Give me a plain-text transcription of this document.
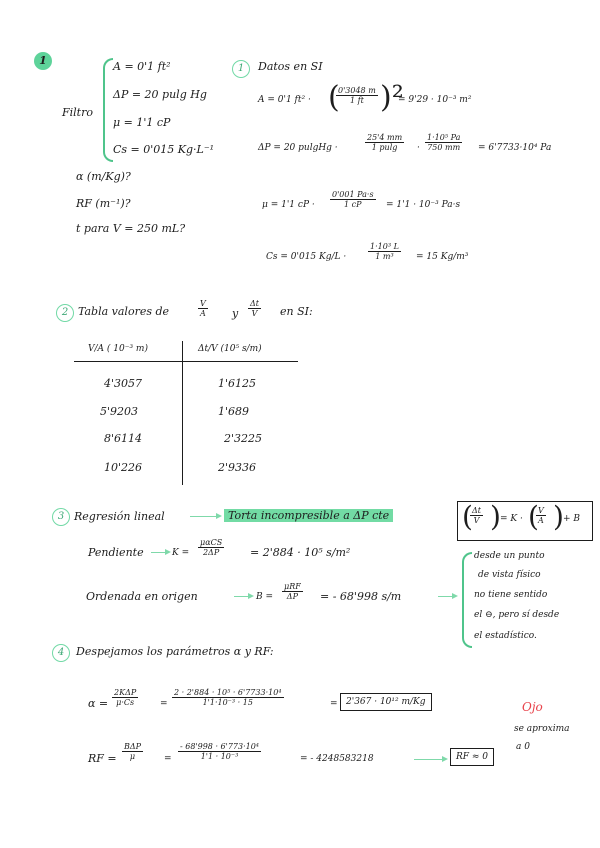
1
Filtro
A = 0'1 ft²
ΔP = 20 pulg Hg
μ = 1'1 cP
Cs = 0'015 Kg·L⁻¹
α (m/Kg)?
RF (m⁻¹)?
t para V = 250 mL?
1	Datos en SI
A = 0'1 ft² · (
0'3048 m
1 ft )²
= 9'29 · 10⁻³ m²
ΔP = 20 pulgHg ·
25'4 mm
1 pulg ·
1·10⁵ Pa
750 mm = 6'7733·10⁴ Pa
μ = 1'1 cP ·
0'001 Pa·s
1 cP	= 1'1 · 10⁻³ Pa·s
Cs = 0'015 Kg/L ·
1·10³ L
1 m³ = 15 Kg/m³
2 Tabla valores de
V
A y
Δt
V en SI:
V/A ( 10⁻³ m)	Δt/V (10⁵ s/m)
4'3057	1'6125
5'9203	1'689
8'6114	2'3225
10'226	2'9336
3 Regresión lineal	Torta incompresible a ΔP cte	( Δt
V ) = K · ( V
A ) + B
Pendiente	K =
μαCS
2ΔP	= 2'884 · 10⁵ s/m²
Ordenada en origen	B =
μRF
ΔP = - 68'998 s/m
desde un punto
de vista físico
no tiene sentido
el ⊖, pero sí desde
el estadístico.
4	Despejamos los parámetros α y RF:
α =
2KΔP
μ·Cs	=
2 · 2'884 · 10⁵ · 6'7733·10⁴
1'1·10⁻³ · 15	= 2'367 · 10¹² m/Kg	Ojo
se aproxima
a 0
RF =
BΔP
μ	=
- 68'998 · 6'773·10⁴
1'1 · 10⁻³	= - 4248583218	RF ≈ 0
